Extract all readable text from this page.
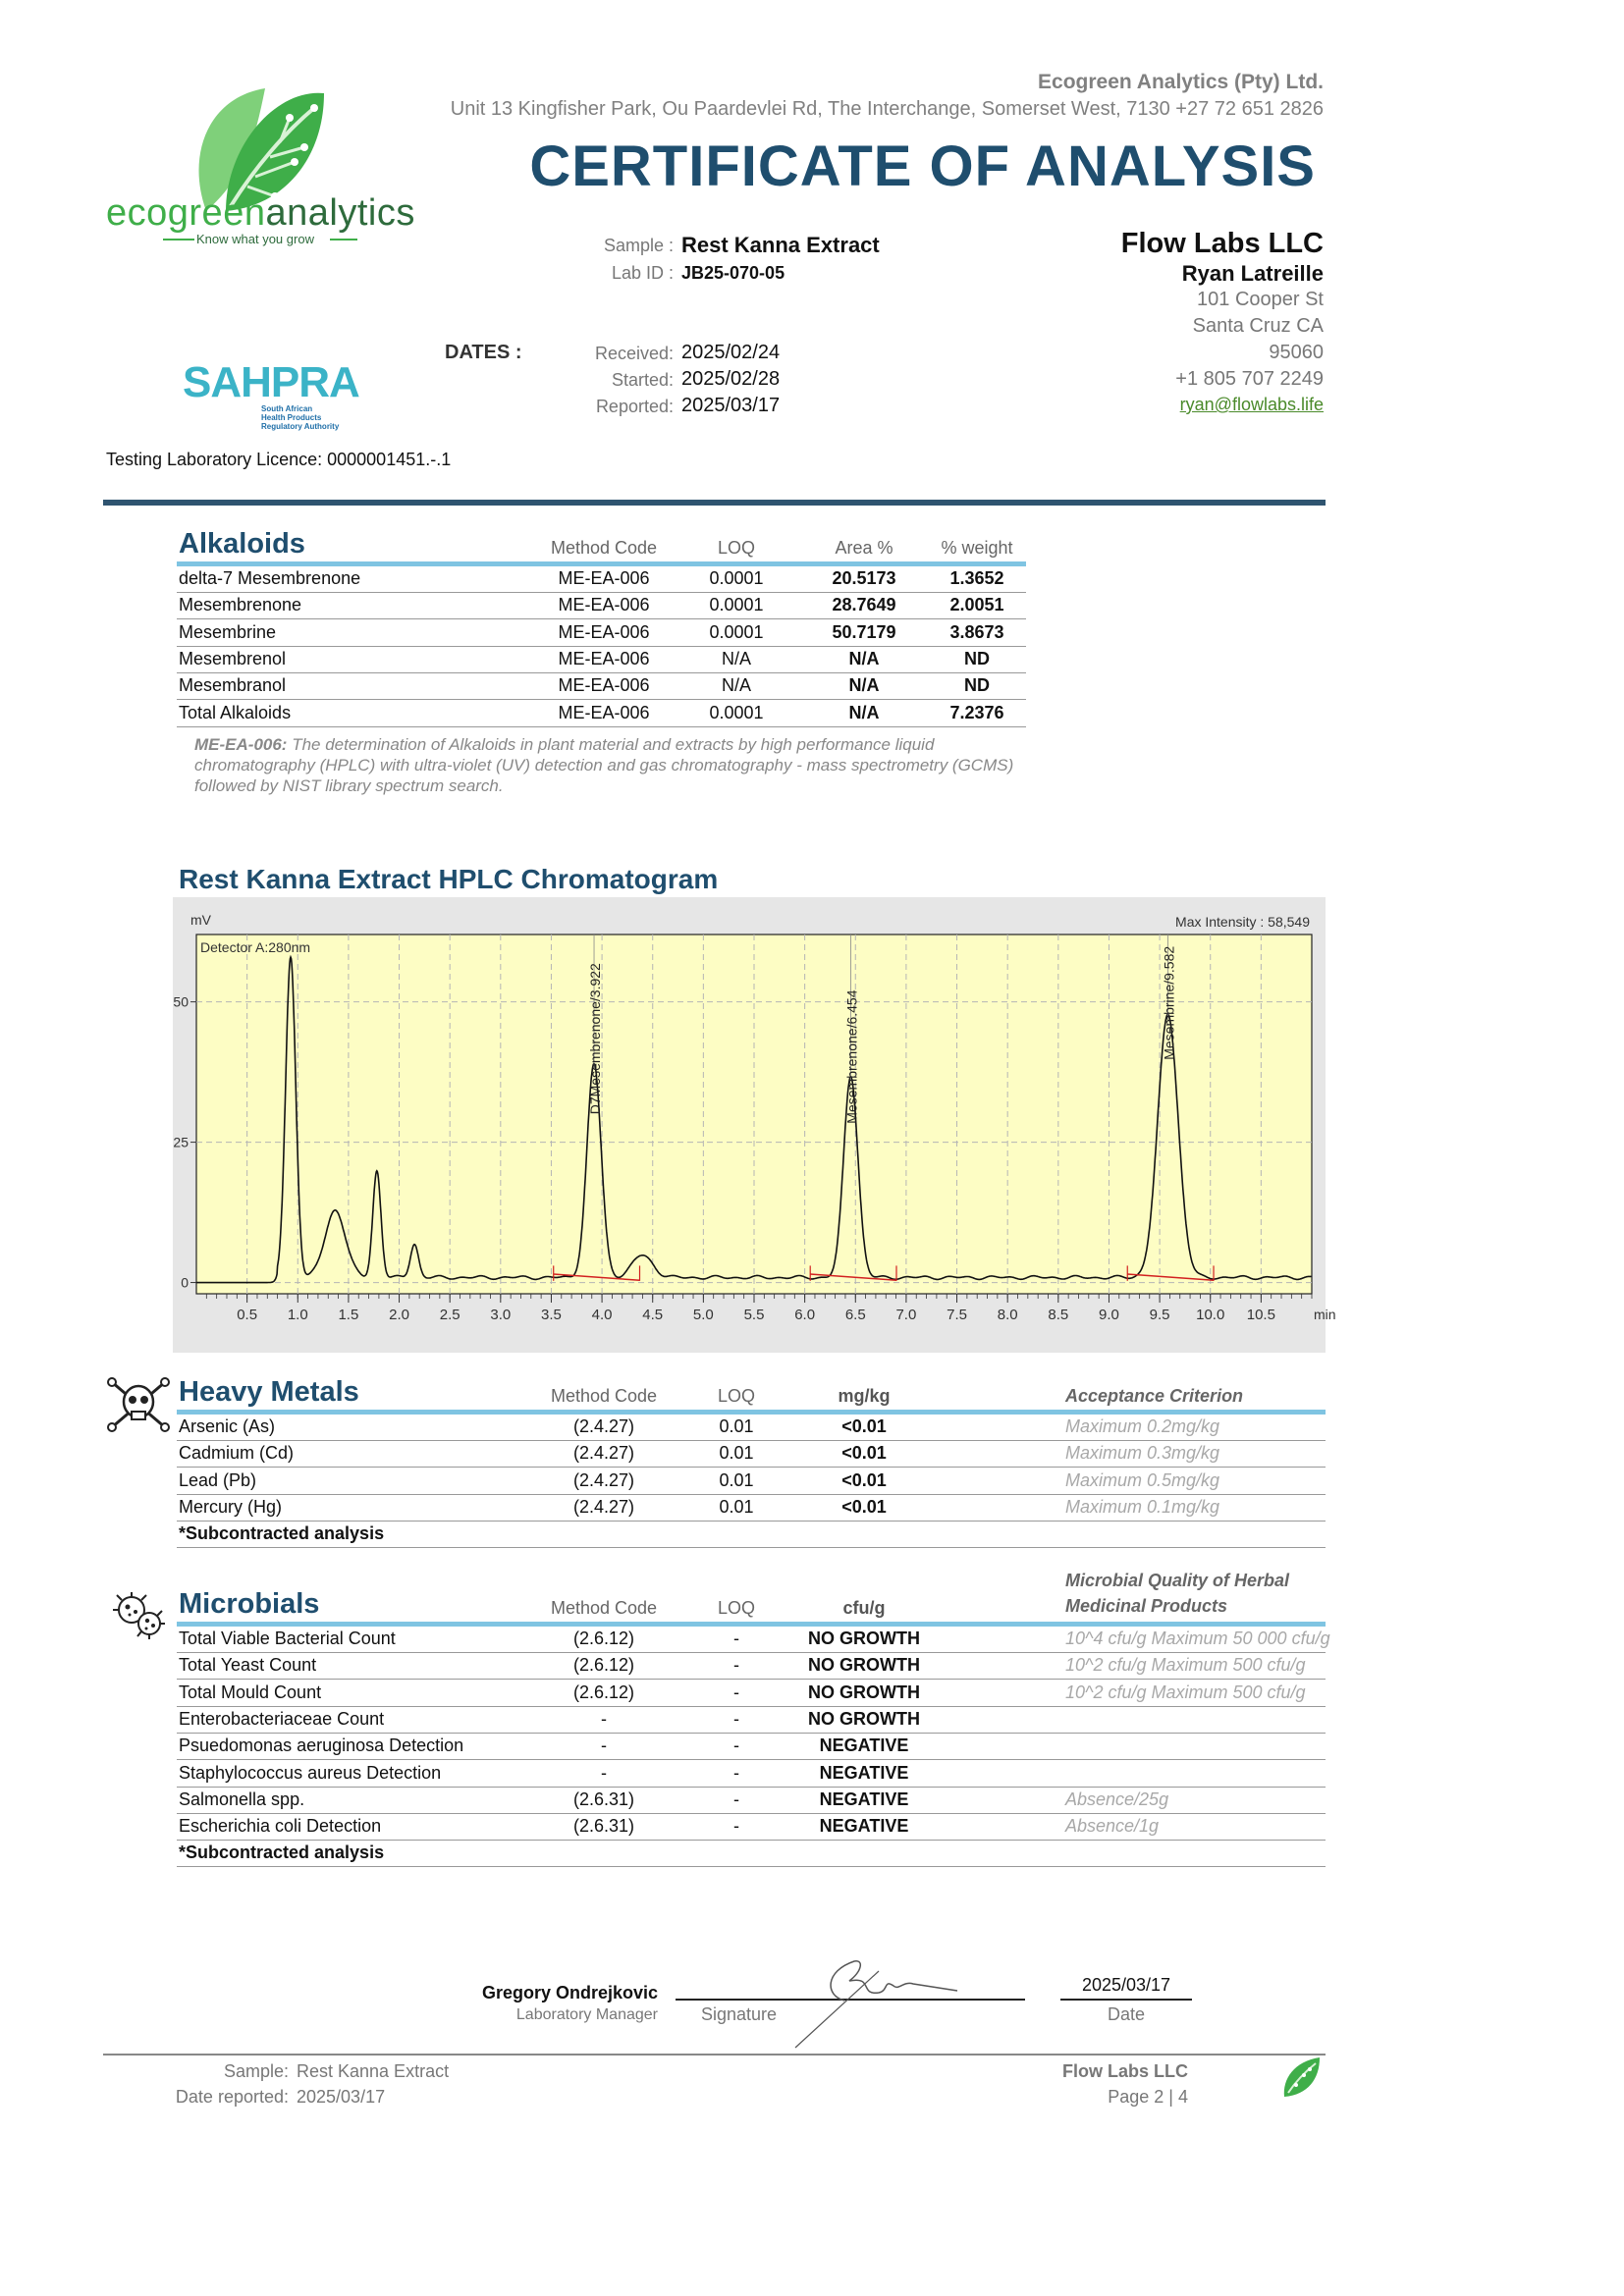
ecogreenanalytics
Know what you grow
Ecogreen Analytics (Pty) Ltd.
Unit 13 Kingfisher Park, Ou Paardevlei Rd, The Interchange, Somerset West, 7130 +27 72 651 2826
CERTIFICATE OF ANALYSIS
SAHPRA
South African
Health Products
Regulatory Authority
Testing Laboratory Licence: 0000001451.-.1
Sample : Rest Kanna Extract
Lab ID : JB25-070-05
DATES :	Received: 2025/02/24
Started: 2025/02/28
Reported: 2025/03/17
Flow Labs LLC
Ryan Latreille
101 Cooper St
Santa Cruz CA
95060
+1 805 707 2249
ryan@flowlabs.life
Alkaloids	Method Code	LOQ	Area %	% weight
delta-7 Mesembrenone	ME-EA-006	0.0001	20.5173	1.3652
Mesembrenone	ME-EA-006	0.0001	28.7649	2.0051
Mesembrine	ME-EA-006	0.0001	50.7179	3.8673
Mesembrenol	ME-EA-006	N/A	N/A	ND
Mesembranol	ME-EA-006	N/A	N/A	ND
Total Alkaloids	ME-EA-006	0.0001	N/A	7.2376
ME-EA-006: The determination of Alkaloids in plant material and extracts by high performance liquid chromatography (HPLC) with ultra-violet (UV) detection and gas chromatography - mass spectrometry (GCMS) followed by NIST library spectrum search.
Rest Kanna Extract HPLC Chromatogram
0.5 1.0 1.5 2.0 2.5 3.0 3.5 4.0 4.5 5.0 5.5 6.0 6.5 7.0 7.5 8.0 8.5 9.0 9.5 10.0 10.5
0
25
50
mV
min
Detector A:280nm
Max Intensity : 58,549
D7Mesembrenone/3.922	Mesembrenone/6.454	Mesembrine/9.582
Heavy Metals	Method Code	LOQ	mg/kg	Acceptance Criterion
Arsenic (As)	(2.4.27)	0.01	<0.01	Maximum 0.2mg/kg
Cadmium (Cd)	(2.4.27)	0.01	<0.01	Maximum 0.3mg/kg
Lead (Pb)	(2.4.27)	0.01	<0.01	Maximum 0.5mg/kg
Mercury (Hg)	(2.4.27)	0.01	<0.01	Maximum 0.1mg/kg
*Subcontracted analysis
Microbials
Microbial Quality of Herbal
Medicinal Products
Method Code	LOQ	cfu/g
Total Viable Bacterial Count	(2.6.12)	-	NO GROWTH	10^4 cfu/g Maximum 50 000 cfu/g
Total Yeast Count	(2.6.12)	-	NO GROWTH	10^2 cfu/g Maximum 500 cfu/g
Total Mould Count	(2.6.12)	-	NO GROWTH	10^2 cfu/g Maximum 500 cfu/g
Enterobacteriaceae Count	-	-	NO GROWTH
Psuedomonas aeruginosa Detection	-	-	NEGATIVE
Staphylococcus aureus Detection	-	-	NEGATIVE
Salmonella spp.	(2.6.31)	-	NEGATIVE	Absence/25g
Escherichia coli Detection	(2.6.31)	-	NEGATIVE	Absence/1g
*Subcontracted analysis
Gregory Ondrejkovic
Laboratory Manager Signature
2025/03/17
Date
Sample: Rest Kanna Extract
Date reported: 2025/03/17
Flow Labs LLC
Page 2 | 4
